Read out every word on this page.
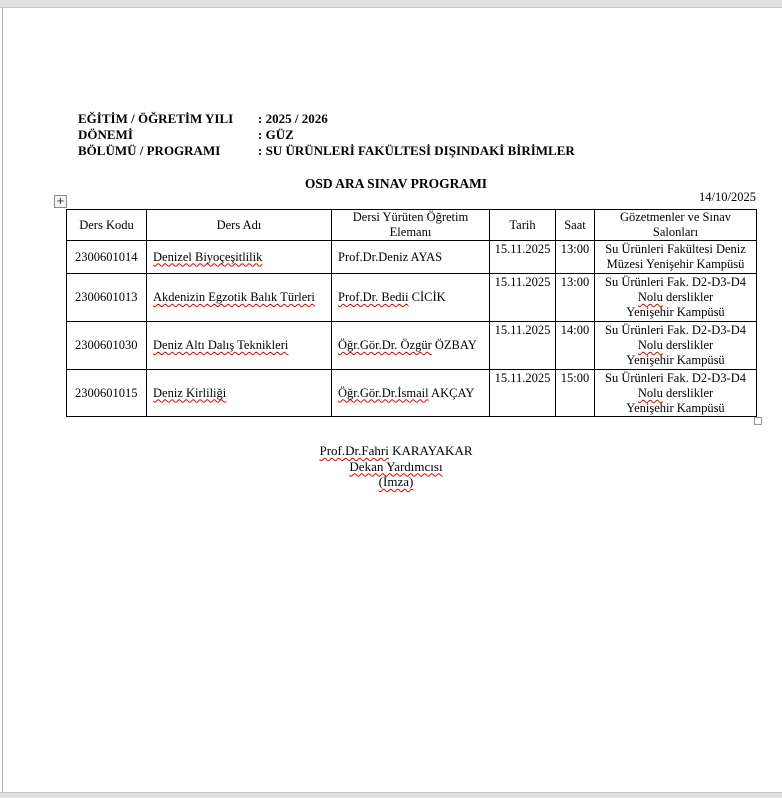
EĞİTİM / ÖĞRETİM YILI : 2025 / 2026
DÖNEMİ	: GÜZ
BÖLÜMÜ / PROGRAMI	: SU ÜRÜNLERİ FAKÜLTESİ DIŞINDAKİ BİRİMLER
OSD ARA SINAV PROGRAMI
14/10/2025
+
Ders Kodu	Ders Adı	Dersi Yürüten Öğretim Elemanı	Tarih	Saat	Gözetmenler ve Sınav Salonları
2300601014	Denizel Biyoçeşitlilik	Prof.Dr.Deniz AYAS	15.11.2025	13:00	Su Ürünleri Fakültesi Deniz
Müzesi Yenişehir Kampüsü

2300601013	Akdenizin Egzotik Balık Türleri	Prof.Dr. Bedii CİCİK	15.11.2025	13:00	Su Ürünleri Fak. D2-D3-D4
Nolu derslikler
Yenişehir Kampüsü

2300601030	Deniz Altı Dalış Teknikleri	Öğr.Gör.Dr. Özgür ÖZBAY	15.11.2025	14:00	Su Ürünleri Fak. D2-D3-D4
Nolu derslikler
Yenişehir Kampüsü

2300601015	Deniz Kirliliği	Öğr.Gör.Dr.İsmail AKÇAY	15.11.2025	15:00	Su Ürünleri Fak. D2-D3-D4
Nolu derslikler
Yenişehir Kampüsü
Prof.Dr.Fahri KARAYAKAR
Dekan Yardımcısı
(İmza)
